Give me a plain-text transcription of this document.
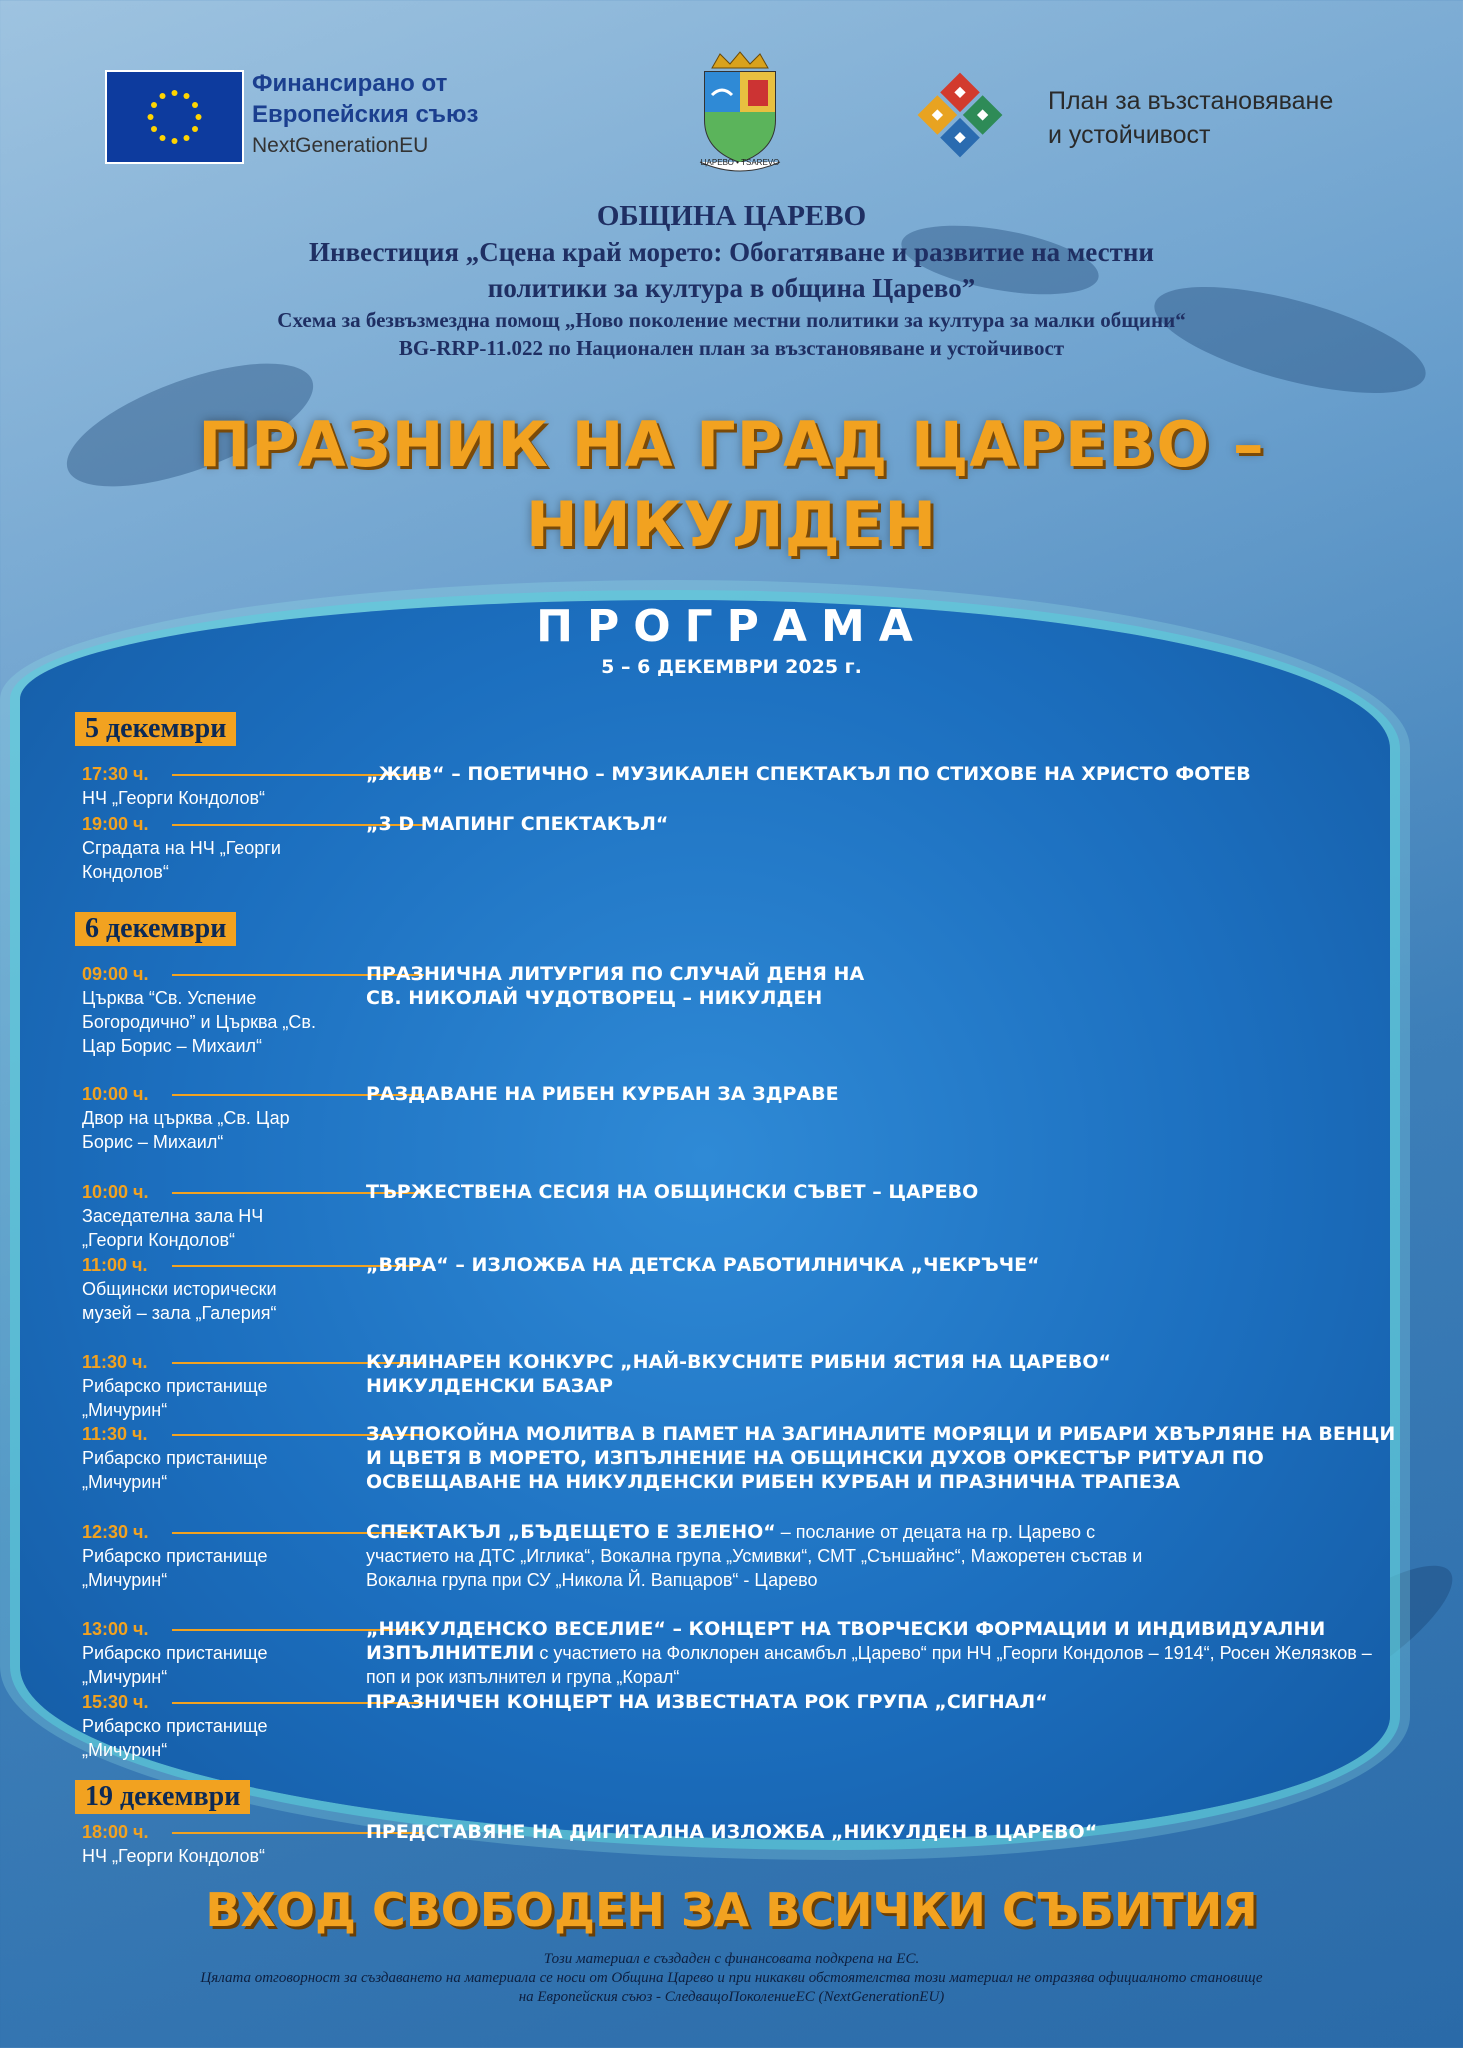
Финансирано от
Европейския съюз
NextGenerationEU
ЦАРЕВО • TSAREVO
План за възстановяване
и устойчивост
ОБЩИНА ЦАРЕВО
Инвестиция „Сцена край морето: Обогатяване и развитие на местни
политики за култура в община Царево”
Схема за безвъзмездна помощ „Ново поколение местни политики за култура за малки общини“
BG-RRP-11.022 по Национален план за възстановяване и устойчивост
ПРАЗНИК НА ГРАД ЦАРЕВО –
НИКУЛДЕН
ПРОГРАМА
5 – 6 ДЕКЕМВРИ 2025 г.
5 декември
17:30 ч.
НЧ „Георги Кондолов“
„ЖИВ“ – ПОЕТИЧНО – МУЗИКАЛЕН СПЕКТАКЪЛ ПО СТИХОВЕ НА ХРИСТО ФОТЕВ
19:00 ч.
Сградата на НЧ „Георги Кондолов“
„3 D МАПИНГ СПЕКТАКЪЛ“
6 декември
09:00 ч.
Църква “Св. Успение Богородично” и Църква „Св. Цар Борис – Михаил“
ПРАЗНИЧНА ЛИТУРГИЯ ПО СЛУЧАЙ ДЕНЯ НА СВ. НИКОЛАЙ ЧУДОТВОРЕЦ – НИКУЛДЕН
10:00 ч.
Двор на църква „Св. Цар Борис – Михаил“
РАЗДАВАНЕ НА РИБЕН КУРБАН ЗА ЗДРАВЕ
10:00 ч.
Заседателна зала НЧ „Георги Кондолов“
ТЪРЖЕСТВЕНА СЕСИЯ НА ОБЩИНСКИ СЪВЕТ – ЦАРЕВО
11:00 ч.
Общински исторически музей – зала „Галерия“
„ВЯРА“ – ИЗЛОЖБА НА ДЕТСКА РАБОТИЛНИЧКА „ЧЕКРЪЧЕ“
11:30 ч.
Рибарско пристанище „Мичурин“
КУЛИНАРЕН КОНКУРС „НАЙ-ВКУСНИТЕ РИБНИ ЯСТИЯ НА ЦАРЕВО“ НИКУЛДЕНСКИ БАЗАР
11:30 ч.
Рибарско пристанище „Мичурин“
ЗАУПОКОЙНА МОЛИТВА В ПАМЕТ НА ЗАГИНАЛИТЕ МОРЯЦИ И РИБАРИ ХВЪРЛЯНЕ НА ВЕНЦИ И ЦВЕТЯ В МОРЕТО, ИЗПЪЛНЕНИЕ НА ОБЩИНСКИ ДУХОВ ОРКЕСТЪР РИТУАЛ ПО ОСВЕЩАВАНЕ НА НИКУЛДЕНСКИ РИБЕН КУРБАН И ПРАЗНИЧНА ТРАПЕЗА
12:30 ч.
Рибарско пристанище „Мичурин“
СПЕКТАКЪЛ „БЪДЕЩЕТО Е ЗЕЛЕНО“ – послание от децата на гр. Царево с участието на ДТС „Иглика“, Вокална група „Усмивки“, СМТ „Съншайнс“, Мажоретен състав и Вокална група при СУ „Никола Й. Вапцаров“ - Царево
13:00 ч.
Рибарско пристанище „Мичурин“
„НИКУЛДЕНСКО ВЕСЕЛИЕ“ – КОНЦЕРТ НА ТВОРЧЕСКИ ФОРМАЦИИ И ИНДИВИДУАЛНИ ИЗПЪЛНИТЕЛИ с участието на Фолклорен ансамбъл „Царево“ при НЧ „Георги Кондолов – 1914“, Росен Желязков – поп и рок изпълнител и група „Корал“
15:30 ч.
Рибарско пристанище „Мичурин“
ПРАЗНИЧЕН КОНЦЕРТ НА ИЗВЕСТНАТА РОК ГРУПА „СИГНАЛ“
19 декември
18:00 ч.
НЧ „Георги Кондолов“
ПРЕДСТАВЯНЕ НА ДИГИТАЛНА ИЗЛОЖБА „НИКУЛДЕН В ЦАРЕВО“
ВХОД СВОБОДЕН ЗА ВСИЧКИ СЪБИТИЯ
Този материал е създаден с финансовата подкрепа на ЕС.
Цялата отговорност за създаването на материала се носи от Община Царево и при никакви обстоятелства този материал не отразява официалното становище
на Европейския съюз - СледващоПоколениеЕС (NextGenerationEU)
